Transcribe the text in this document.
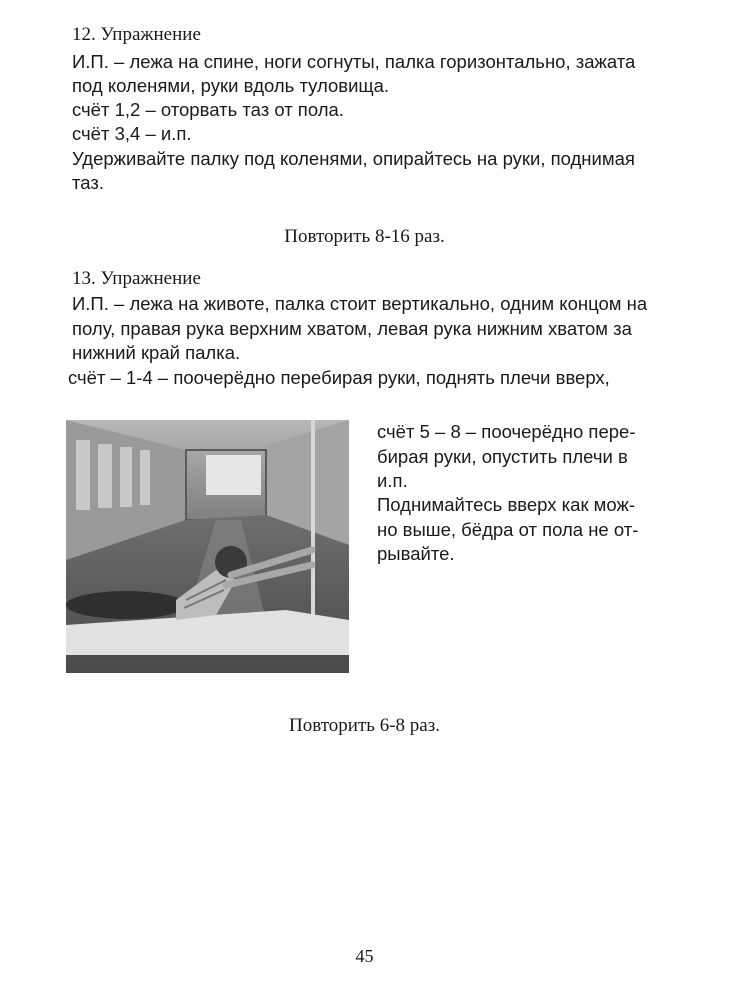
12. Упражнение
И.П. – лежа на спине, ноги согнуты, палка горизонтально, зажата
под коленями, руки вдоль туловища.
счёт 1,2 – оторвать таз от пола.
счёт 3,4 – и.п.
Удерживайте палку под коленями, опирайтесь на руки, поднимая
таз.
Повторить 8-16 раз.
13. Упражнение
И.П. – лежа на животе, палка стоит вертикально, одним концом на
полу, правая рука верхним хватом, левая рука нижним хватом за
нижний край палка.
счёт – 1-4 – поочерёдно перебирая руки, поднять плечи вверх,
счёт 5 – 8 – поочерёдно пере-
бирая руки, опустить плечи в
и.п.
Поднимайтесь вверх как мож-
но выше, бёдра от пола не от-
рывайте.
Повторить 6-8 раз.
45
